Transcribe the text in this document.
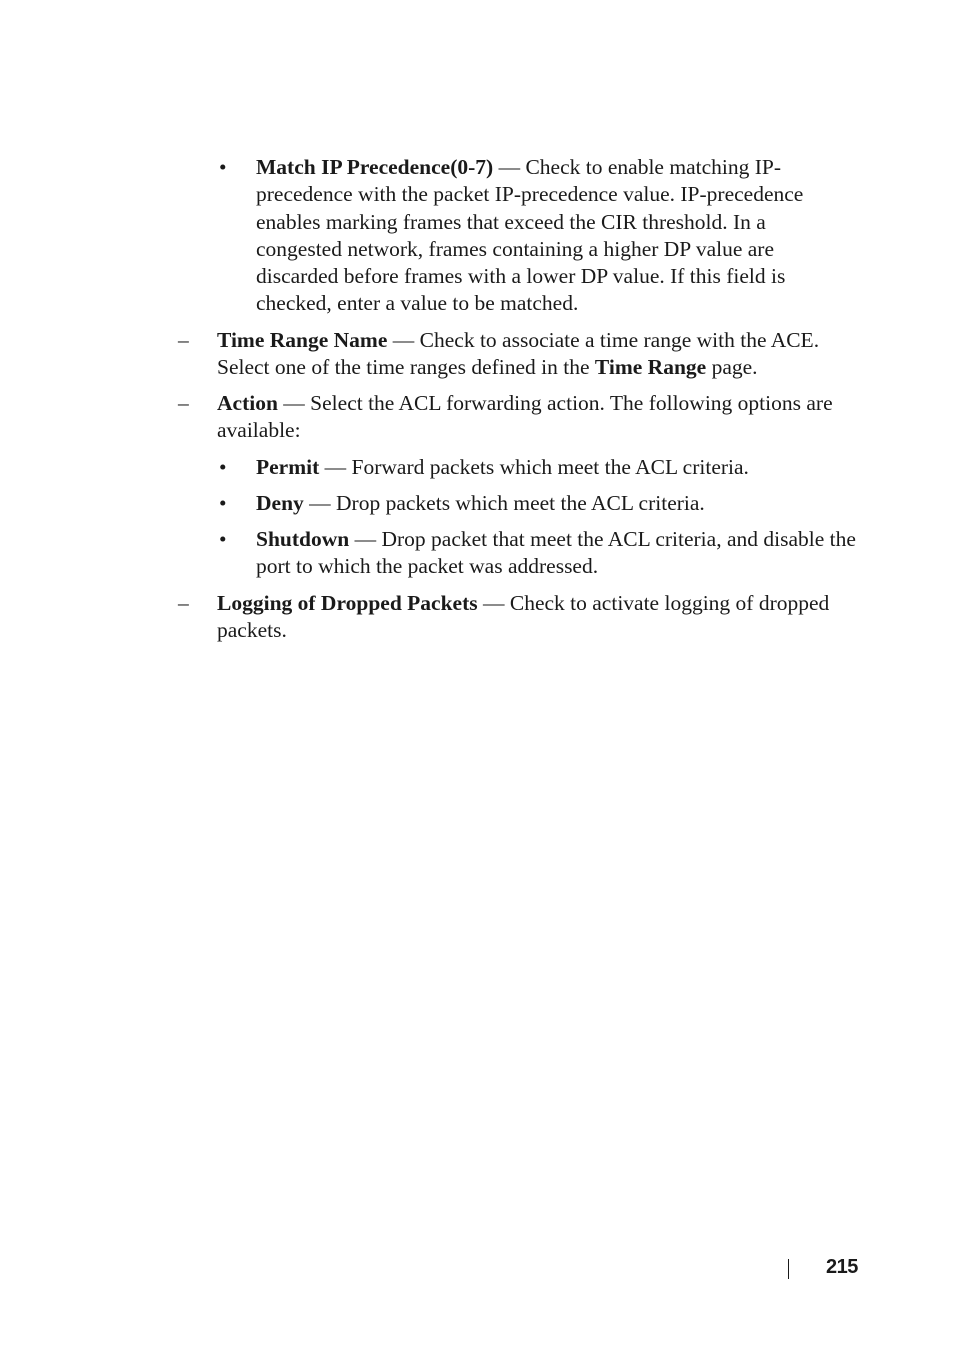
• Match IP Precedence(0-7) — Check to enable matching IP-precedence with the packet IP-precedence value. IP-precedence enables marking frames that exceed the CIR threshold. In a congested network, frames containing a higher DP value are discarded before frames with a lower DP value. If this field is checked, enter a value to be matched.
– Time Range Name — Check to associate a time range with the ACE. Select one of the time ranges defined in the Time Range page.
– Action — Select the ACL forwarding action. The following options are available:
• Permit — Forward packets which meet the ACL criteria.
• Deny — Drop packets which meet the ACL criteria.
• Shutdown — Drop packet that meet the ACL criteria, and disable the port to which the packet was addressed.
– Logging of Dropped Packets — Check to activate logging of dropped packets.
215
